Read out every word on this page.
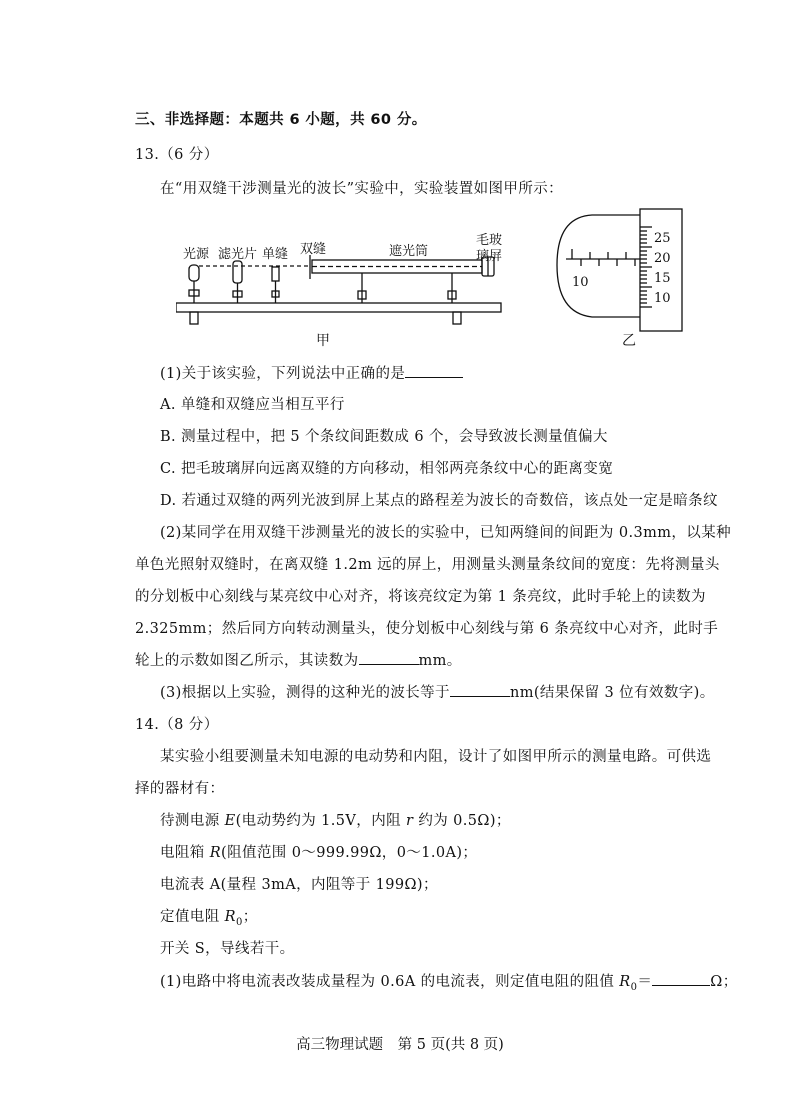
三、非选择题：本题共 6 小题，共 60 分。
13.（6 分）
在“用双缝干涉测量光的波长”实验中，实验装置如图甲所示：
光源 滤光片 单缝 双缝	遮光筒
毛玻
璃屏
甲
10
25
20
15
10
乙
(1)关于该实验，下列说法中正确的是
A. 单缝和双缝应当相互平行
B. 测量过程中，把 5 个条纹间距数成 6 个，会导致波长测量值偏大
C. 把毛玻璃屏向远离双缝的方向移动，相邻两亮条纹中心的距离变宽
D. 若通过双缝的两列光波到屏上某点的路程差为波长的奇数倍，该点处一定是暗条纹
(2)某同学在用双缝干涉测量光的波长的实验中，已知两缝间的间距为 0.3mm，以某种
单色光照射双缝时，在离双缝 1.2m 远的屏上，用测量头测量条纹间的宽度：先将测量头
的分划板中心刻线与某亮纹中心对齐，将该亮纹定为第 1 条亮纹，此时手轮上的读数为
2.325mm；然后同方向转动测量头，使分划板中心刻线与第 6 条亮纹中心对齐，此时手
轮上的示数如图乙所示，其读数为	mm。
(3)根据以上实验，测得的这种光的波长等于	nm(结果保留 3 位有效数字)。
14.（8 分）
某实验小组要测量未知电源的电动势和内阻，设计了如图甲所示的测量电路。可供选
择的器材有：
待测电源 E(电动势约为 1.5V，内阻 r 约为 0.5Ω)；
电阻箱 R(阻值范围 0～999.99Ω，0～1.0A)；
电流表 A(量程 3mA，内阻等于 199Ω)；
定值电阻 $R_0$；
开关 S，导线若干。
(1)电路中将电流表改装成量程为 0.6A 的电流表，则定值电阻的阻值 $R_0=$	Ω；
高三物理试题　第 5 页(共 8 页)
